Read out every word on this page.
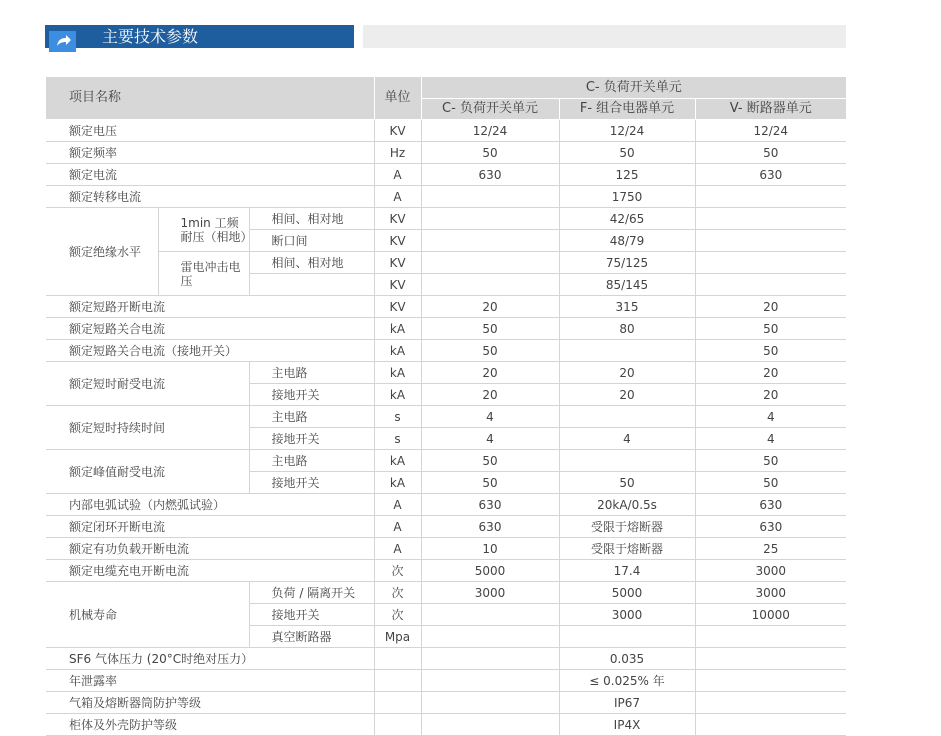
主要技术参数
项目名称			单位	C- 负荷开关单元		
				C- 负荷开关单元	F- 组合电器单元	V- 断路器单元
额定电压			KV	12/24	12/24	12/24
额定频率			Hz	50	50	50
额定电流			A	630	125	630
额定转移电流			A		1750	
额定绝缘水平	1min 工频耐压（相地）	相间、相对地	KV		42/65	
		断口间	KV		48/79	
	雷电冲击电压	相间、相对地	KV		75/125	
			KV		85/145	
额定短路开断电流			KV	20	315	20
额定短路关合电流			kA	50	80	50
额定短路关合电流（接地开关）			kA	50		50
额定短时耐受电流		主电路	kA	20	20	20
		接地开关	kA	20	20	20
额定短时持续时间		主电路	s	4		4
		接地开关	s	4	4	4
额定峰值耐受电流		主电路	kA	50		50
		接地开关	kA	50	50	50
内部电弧试验（内燃弧试验）			A	630	20kA/0.5s	630
额定闭环开断电流			A	630	受限于熔断器	630
额定有功负载开断电流			A	10	受限于熔断器	25
额定电缆充电开断电流			次	5000	17.4	3000
机械寿命		负荷 / 隔离开关	次	3000	5000	3000
		接地开关	次		3000	10000
		真空断路器	Mpa			
SF6 气体压力 (20°C时绝对压力）					0.035	
年泄露率					≤ 0.025% 年	
气箱及熔断器筒防护等级					IP67	
柜体及外壳防护等级					IP4X	
